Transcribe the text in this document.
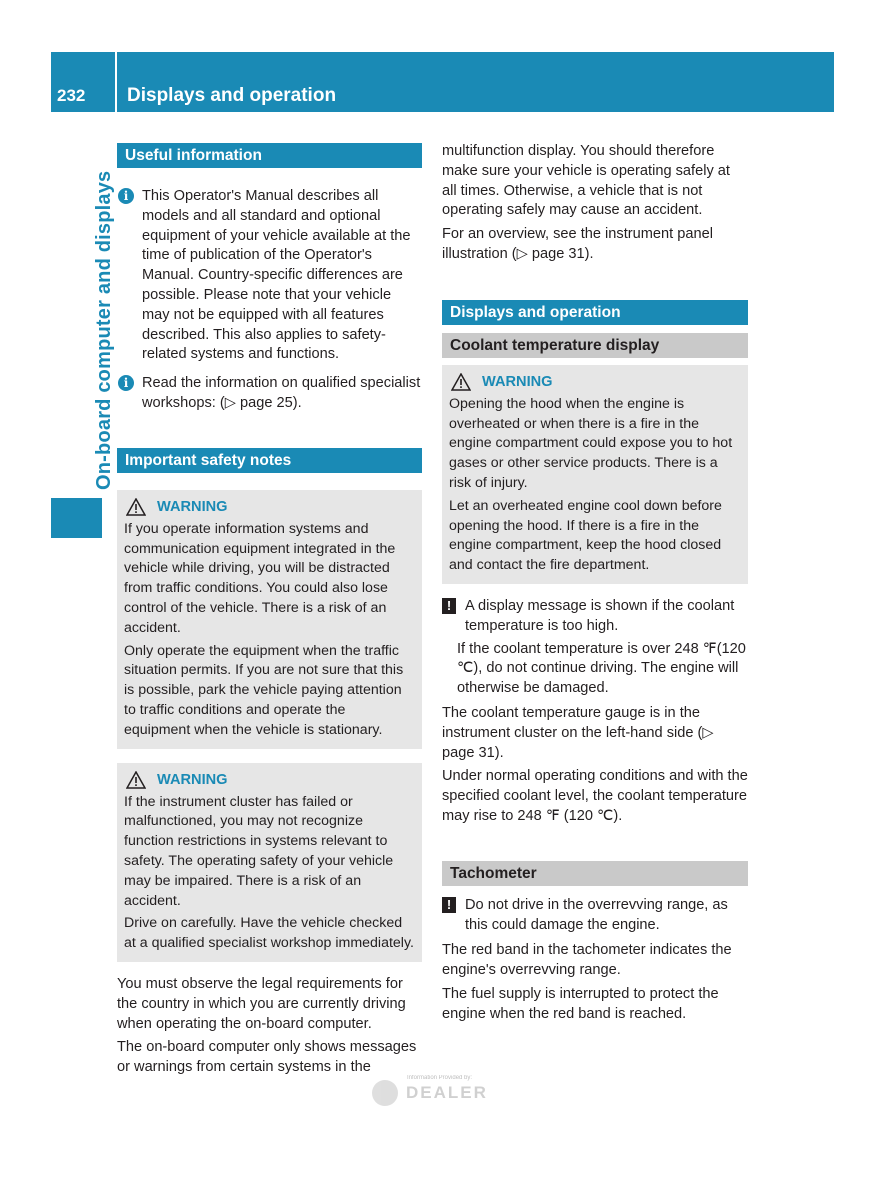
232 Displays and operation
On-board computer and displays
Useful information
i This Operator's Manual describes all models and all standard and optional equipment of your vehicle available at the time of publication of the Operator's Manual. Country-specific differences are possible. Please note that your vehicle may not be equipped with all features described. This also applies to safety-related systems and functions.

i Read the information on qualified specialist workshops: (▷ page 25).

Important safety notes
WARNING

If you operate information systems and communication equipment integrated in the vehicle while driving, you will be distracted from traffic conditions. You could also lose control of the vehicle. There is a risk of an accident.

Only operate the equipment when the traffic situation permits. If you are not sure that this is possible, park the vehicle paying attention to traffic conditions and operate the equipment when the vehicle is stationary.

WARNING

If the instrument cluster has failed or malfunctioned, you may not recognize function restrictions in systems relevant to safety. The operating safety of your vehicle may be impaired. There is a risk of an accident.

Drive on carefully. Have the vehicle checked at a qualified specialist workshop immediately.

You must observe the legal requirements for the country in which you are currently driving when operating the on-board computer.

The on-board computer only shows messages or warnings from certain systems in the

multifunction display. You should therefore make sure your vehicle is operating safely at all times. Otherwise, a vehicle that is not operating safely may cause an accident.

For an overview, see the instrument panel illustration (▷ page 31).

Displays and operation
Coolant temperature display
WARNING

Opening the hood when the engine is overheated or when there is a fire in the engine compartment could expose you to hot gases or other service products. There is a risk of injury.

Let an overheated engine cool down before opening the hood. If there is a fire in the engine compartment, keep the hood closed and contact the fire department.

! A display message is shown if the coolant temperature is too high.

If the coolant temperature is over 248 ℉(120 ℃), do not continue driving. The engine will otherwise be damaged.

The coolant temperature gauge is in the instrument cluster on the left-hand side (▷ page 31).

Under normal operating conditions and with the specified coolant level, the coolant temperature may rise to 248 ℉ (120 ℃).

Tachometer
! Do not drive in the overrevving range, as this could damage the engine.

The red band in the tachometer indicates the engine's overrevving range.

The fuel supply is interrupted to protect the engine when the red band is reached.

Information Provided by:
DEALER
